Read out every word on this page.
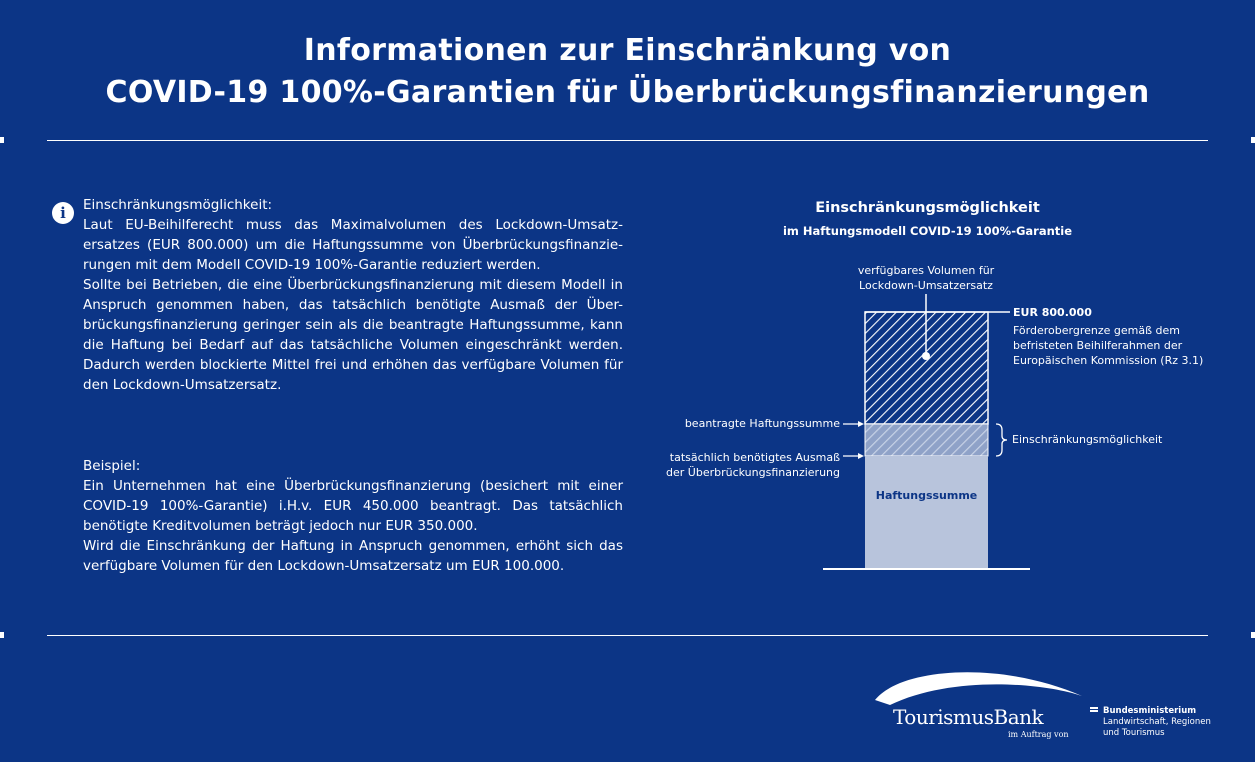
Informationen zur Einschränkung von
COVID-19 100%-Garantien für Überbrückungsfinanzierungen
i	Einschränkungsmöglichkeit:

Laut EU-Beihilferecht muss das Maximalvolumen des Lockdown-Umsatz-ersatzes (EUR 800.000) um die Haftungssumme von Überbrückungsfinanzie-rungen mit dem Modell COVID-19 100%-Garantie reduziert werden.

Sollte bei Betrieben, die eine Überbrückungsfinanzierung mit diesem Modell in Anspruch genommen haben, das tatsächlich benötigte Ausmaß der Über-brückungsfinanzierung geringer sein als die beantragte Haftungssumme, kann die Haftung bei Bedarf auf das tatsächliche Volumen eingeschränkt werden. Dadurch werden blockierte Mittel frei und erhöhen das verfügbare Volumen für den Lockdown-Umsatzersatz.

Beispiel:

Ein Unternehmen hat eine Überbrückungsfinanzierung (besichert mit einer COVID-19 100%-Garantie) i.H.v. EUR 450.000 beantragt. Das tatsächlich benötigte Kreditvolumen beträgt jedoch nur EUR 350.000.

Wird die Einschränkung der Haftung in Anspruch genommen, erhöht sich das verfügbare Volumen für den Lockdown-Umsatzersatz um EUR 100.000.

Einschränkungsmöglichkeit
im Haftungsmodell COVID-19 100%-Garantie
verfügbares Volumen für
Lockdown-Umsatzersatz
EUR 800.000
Förderobergrenze gemäß dem
befristeten Beihilferahmen der
Europäischen Kommission (Rz 3.1)
beantragte Haftungssumme
tatsächlich benötigtes Ausmaß
der Überbrückungsfinanzierung
Einschränkungsmöglichkeit
Haftungssumme
TourismusBank
im Auftrag von
Bundesministerium
Landwirtschaft, Regionen
und Tourismus
